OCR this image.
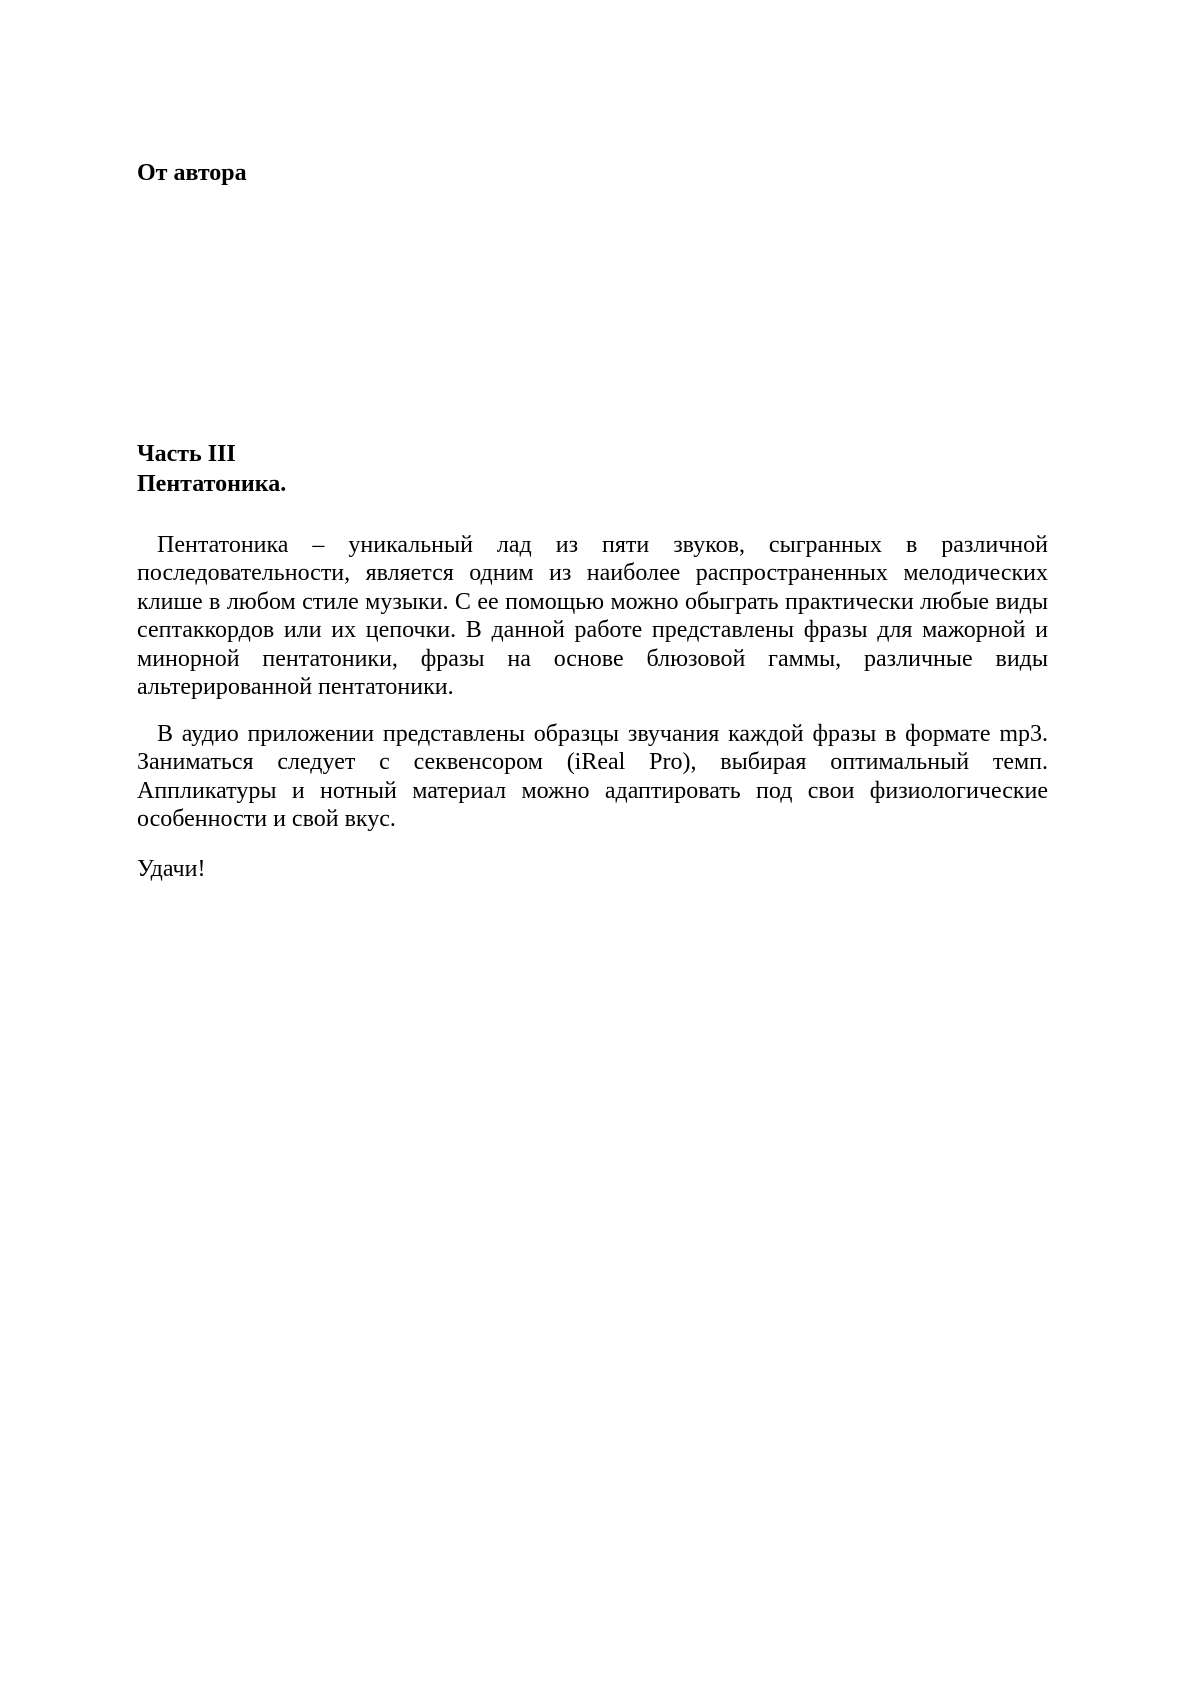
От автора
Часть III
Пентатоника.
Пентатоника – уникальный лад из пяти звуков, сыгранных в различной
последовательности, является одним из наиболее распространенных мелодических
клише в любом стиле музыки. С ее помощью можно обыграть практически любые виды
септаккордов или их цепочки. В данной работе представлены фразы для мажорной и
минорной пентатоники, фразы на основе блюзовой гаммы, различные виды
альтерированной пентатоники.
В аудио приложении представлены образцы звучания каждой фразы в формате mp3.
Заниматься следует с секвенсором (iReal Pro), выбирая оптимальный темп.
Аппликатуры и нотный материал можно адаптировать под свои физиологические
особенности и свой вкус.
Удачи!
